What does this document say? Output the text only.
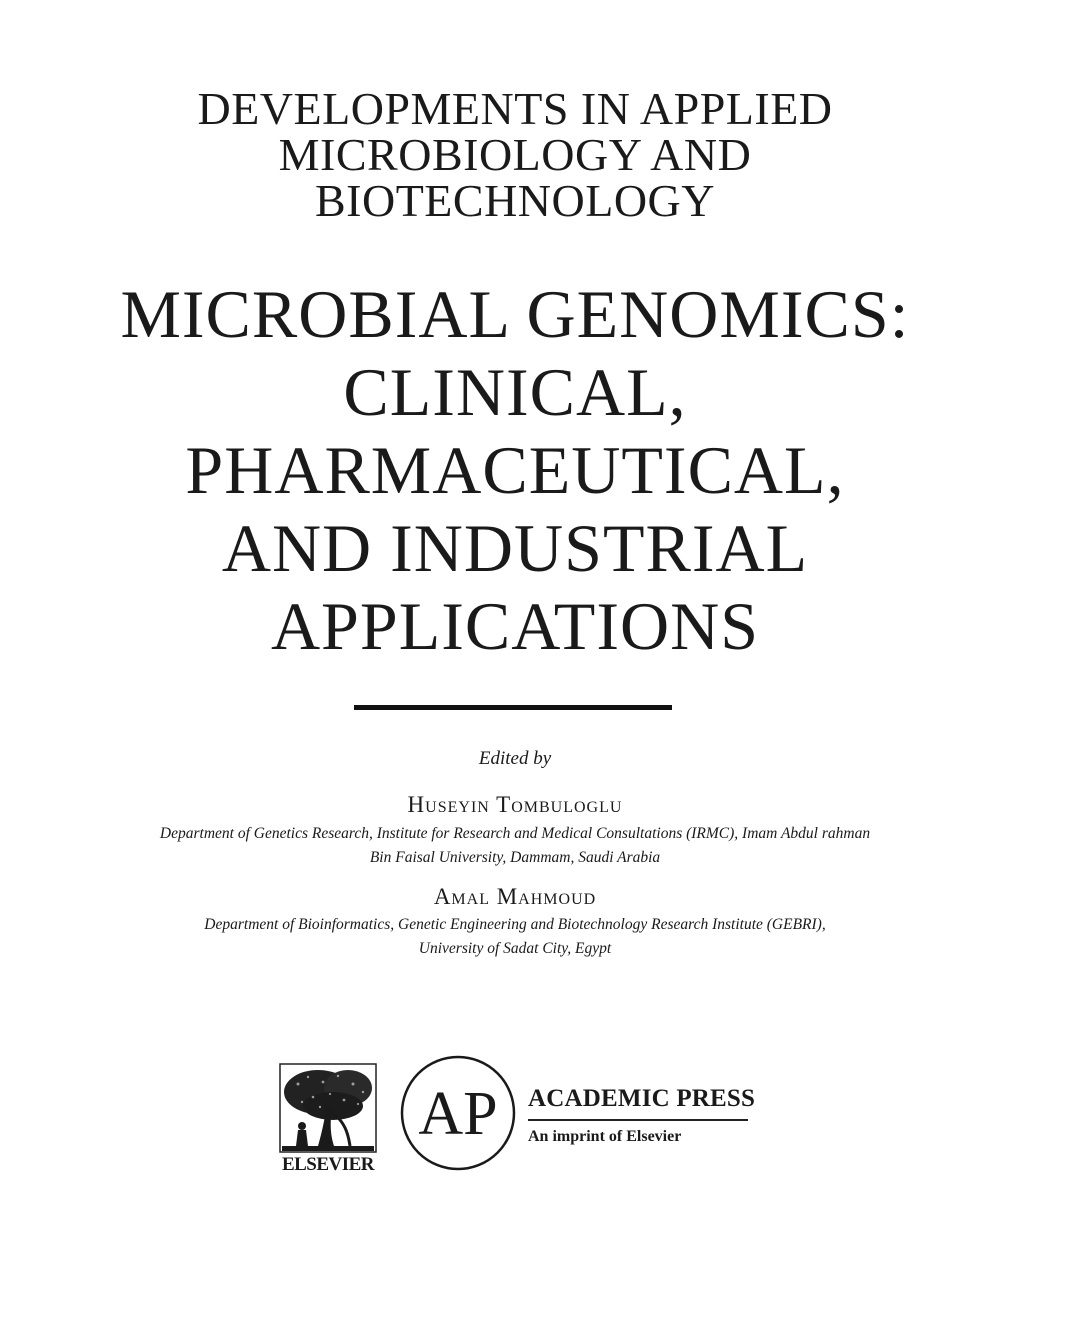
DEVELOPMENTS IN APPLIED
MICROBIOLOGY AND
BIOTECHNOLOGY
MICROBIAL GENOMICS:
CLINICAL,
PHARMACEUTICAL,
AND INDUSTRIAL
APPLICATIONS
Edited by
Huseyin Tombuloglu
Department of Genetics Research, Institute for Research and Medical Consultations (IRMC), Imam Abdul rahman
Bin Faisal University, Dammam, Saudi Arabia
Amal Mahmoud
Department of Bioinformatics, Genetic Engineering and Biotechnology Research Institute (GEBRI),
University of Sadat City, Egypt
ELSEVIER
AP ACADEMIC PRESS
An imprint of Elsevier
